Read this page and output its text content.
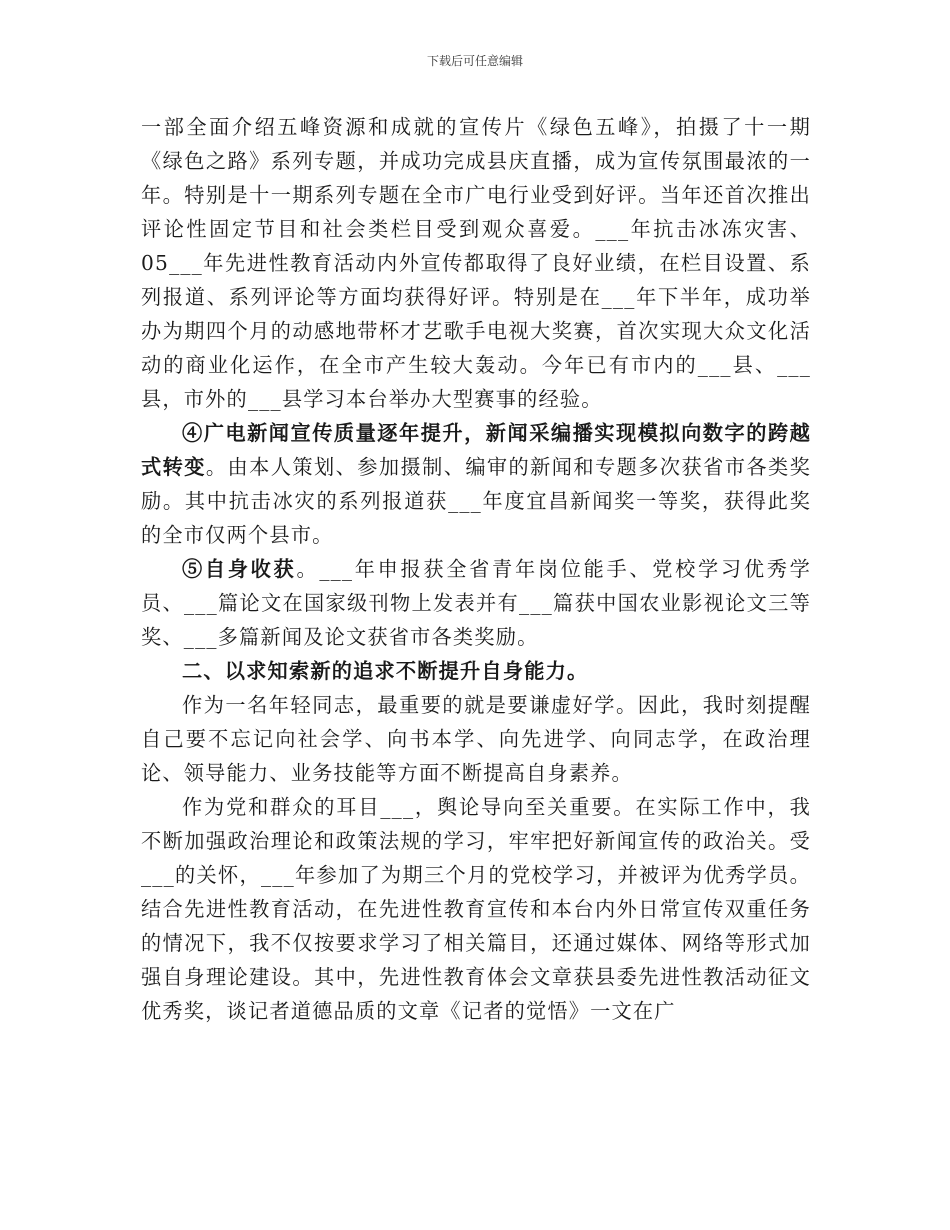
下载后可任意编辑

一部全面介绍五峰资源和成就的宣传片《绿色五峰》，拍摄了十一期《绿色之路》系列专题，并成功完成县庆直播，成为宣传氛围最浓的一年。特别是十一期系列专题在全市广电行业受到好评。当年还首次推出评论性固定节目和社会类栏目受到观众喜爱。___年抗击冰冻灾害、05___年先进性教育活动内外宣传都取得了良好业绩，在栏目设置、系列报道、系列评论等方面均获得好评。特别是在___年下半年，成功举办为期四个月的动感地带杯才艺歌手电视大奖赛，首次实现大众文化活动的商业化运作，在全市产生较大轰动。今年已有市内的___县、___县，市外的___县学习本台举办大型赛事的经验。

④广电新闻宣传质量逐年提升，新闻采编播实现模拟向数字的跨越式转变。由本人策划、参加摄制、编审的新闻和专题多次获省市各类奖励。其中抗击冰灾的系列报道获___年度宜昌新闻奖一等奖，获得此奖的全市仅两个县市。

⑤自身收获。___年申报获全省青年岗位能手、党校学习优秀学员、___篇论文在国家级刊物上发表并有___篇获中国农业影视论文三等奖、___多篇新闻及论文获省市各类奖励。

二、以求知索新的追求不断提升自身能力。

作为一名年轻同志，最重要的就是要谦虚好学。因此，我时刻提醒自己要不忘记向社会学、向书本学、向先进学、向同志学，在政治理论、领导能力、业务技能等方面不断提高自身素养。

作为党和群众的耳目___，舆论导向至关重要。在实际工作中，我不断加强政治理论和政策法规的学习，牢牢把好新闻宣传的政治关。受___的关怀，___年参加了为期三个月的党校学习，并被评为优秀学员。结合先进性教育活动，在先进性教育宣传和本台内外日常宣传双重任务的情况下，我不仅按要求学习了相关篇目，还通过媒体、网络等形式加强自身理论建设。其中，先进性教育体会文章获县委先进性教活动征文优秀奖，谈记者道德品质的文章《记者的觉悟》一文在广
